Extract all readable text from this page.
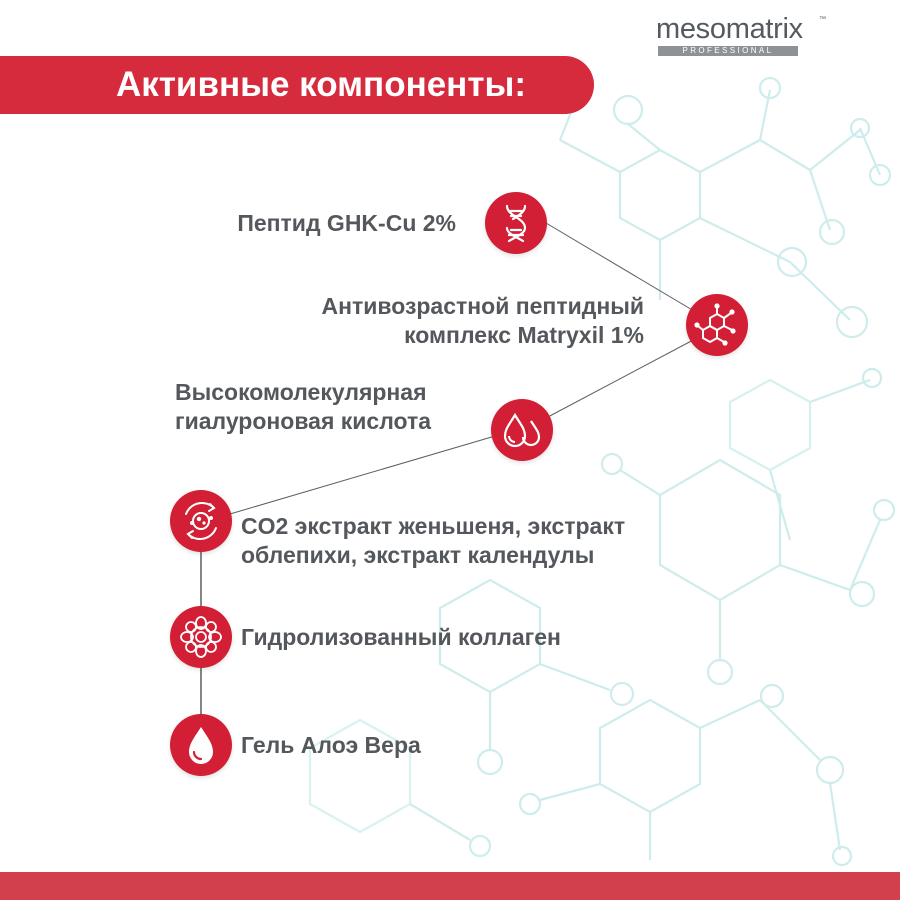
mesomatrix ™
PROFESSIONAL
Активные компоненты:
Пептид GHK-Cu 2%
Антивозрастной пептидный
комплекс Matryxil 1%
Высокомолекулярная
гиалуроновая кислота
CO2 экстракт женьшеня, экстракт
облепихи, экстракт календулы
Гидролизованный коллаген
Гель Алоэ Вера
